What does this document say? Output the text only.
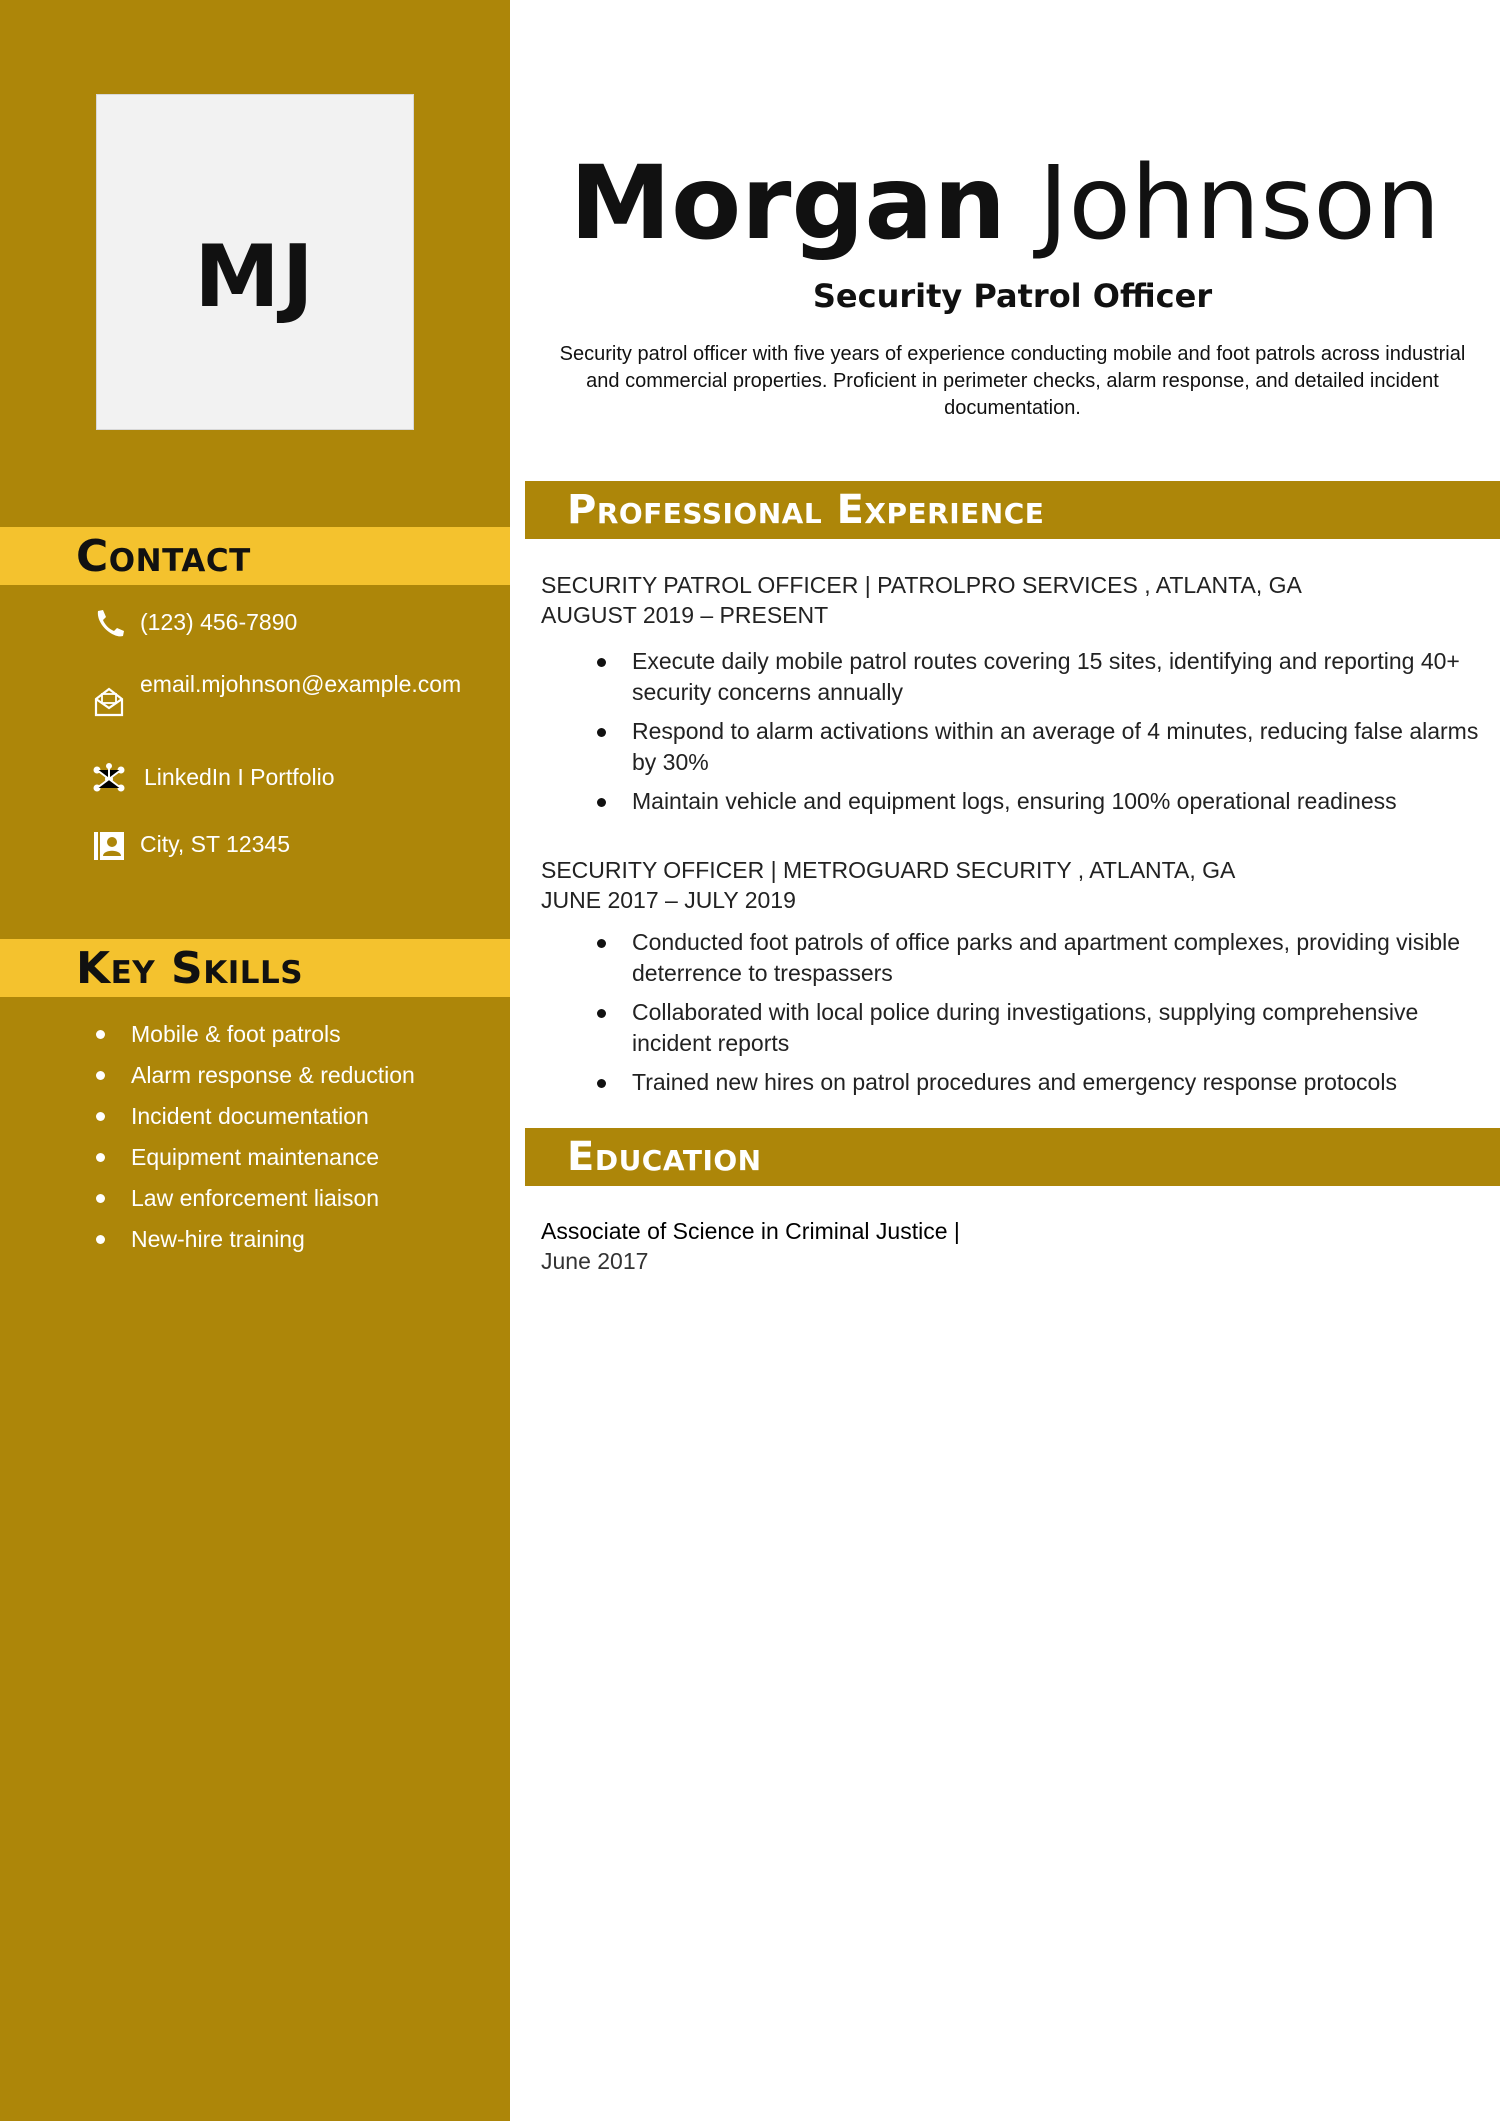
MJ
Contact
(123) 456-7890
email.mjohnson@example.com
LinkedIn I Portfolio
City, ST 12345
Key Skills
Mobile & foot patrols
Alarm response & reduction
Incident documentation
Equipment maintenance
Law enforcement liaison
New-hire training
Morgan Johnson
Security Patrol Officer
Security patrol officer with five years of experience conducting mobile and foot patrols across industrial and commercial properties. Proficient in perimeter checks, alarm response, and detailed incident documentation.
Professional Experience
SECURITY PATROL OFFICER | PATROLPRO SERVICES , ATLANTA, GA
AUGUST 2019 – PRESENT
Execute daily mobile patrol routes covering 15 sites, identifying and reporting 40+ security concerns annually
Respond to alarm activations within an average of 4 minutes, reducing false alarms by 30%
Maintain vehicle and equipment logs, ensuring 100% operational readiness
SECURITY OFFICER | METROGUARD SECURITY , ATLANTA, GA
JUNE 2017 – JULY 2019
Conducted foot patrols of office parks and apartment complexes, providing visible deterrence to trespassers
Collaborated with local police during investigations, supplying comprehensive incident reports
Trained new hires on patrol procedures and emergency response protocols
Education
Associate of Science in Criminal Justice |
June 2017
